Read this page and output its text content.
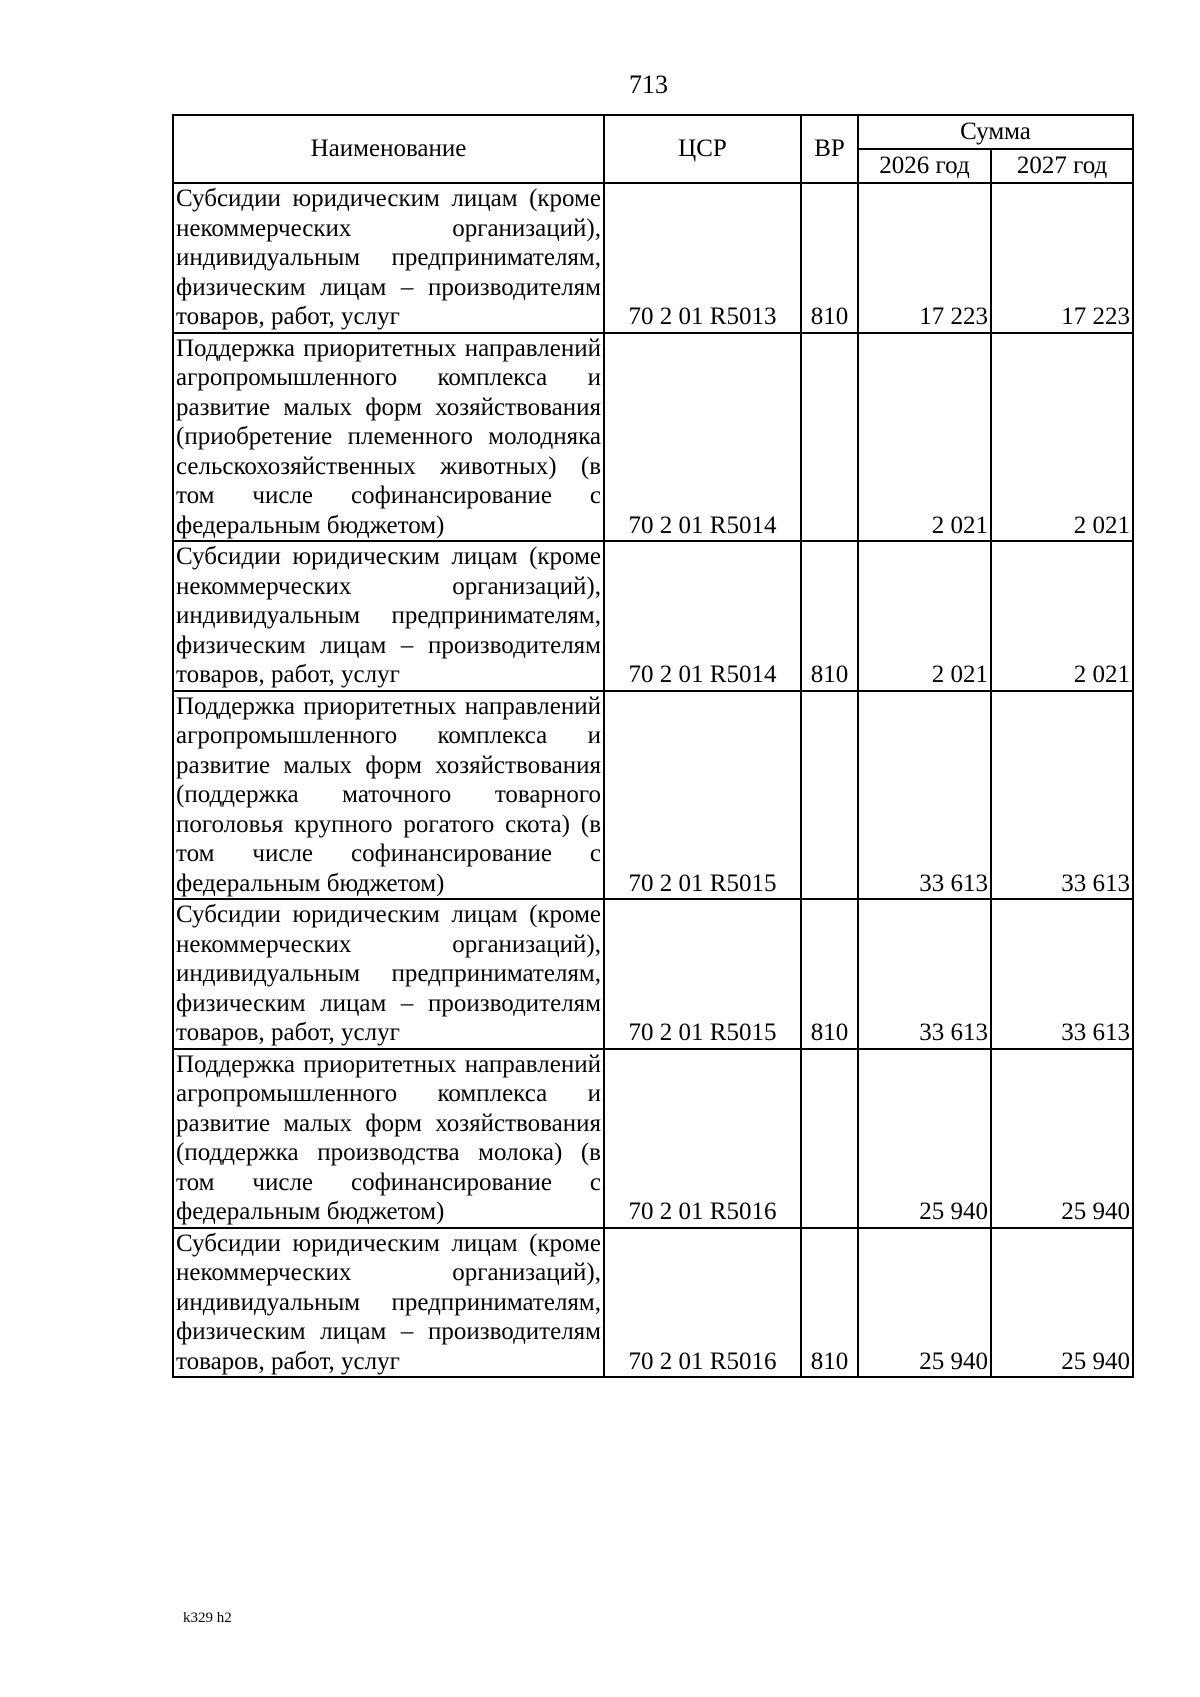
713
Наименование	ЦСР	ВР	Сумма	
			2026 год	2027 год
Субсидии юридическим лицам (кроме некоммерческих организаций), индивидуальным предпринимателям, физическим лицам – производителям товаров, работ, услуг	70 2 01 R5013	810	17 223	17 223
Поддержка приоритетных направлений агропромышленного комплекса и развитие малых форм хозяйствования (приобретение племенного молодняка сельскохозяйственных животных) (в том числе софинансирование с федеральным бюджетом)	70 2 01 R5014		2 021	2 021
Субсидии юридическим лицам (кроме некоммерческих организаций), индивидуальным предпринимателям, физическим лицам – производителям товаров, работ, услуг	70 2 01 R5014	810	2 021	2 021
Поддержка приоритетных направлений агропромышленного комплекса и развитие малых форм хозяйствования (поддержка маточного товарного поголовья крупного рогатого скота) (в том числе софинансирование с федеральным бюджетом)	70 2 01 R5015		33 613	33 613
Субсидии юридическим лицам (кроме некоммерческих организаций), индивидуальным предпринимателям, физическим лицам – производителям товаров, работ, услуг	70 2 01 R5015	810	33 613	33 613
Поддержка приоритетных направлений агропромышленного комплекса и развитие малых форм хозяйствования (поддержка производства молока) (в том числе софинансирование с федеральным бюджетом)	70 2 01 R5016		25 940	25 940
Субсидии юридическим лицам (кроме некоммерческих организаций), индивидуальным предпринимателям, физическим лицам – производителям товаров, работ, услуг	70 2 01 R5016	810	25 940	25 940
k329 h2
